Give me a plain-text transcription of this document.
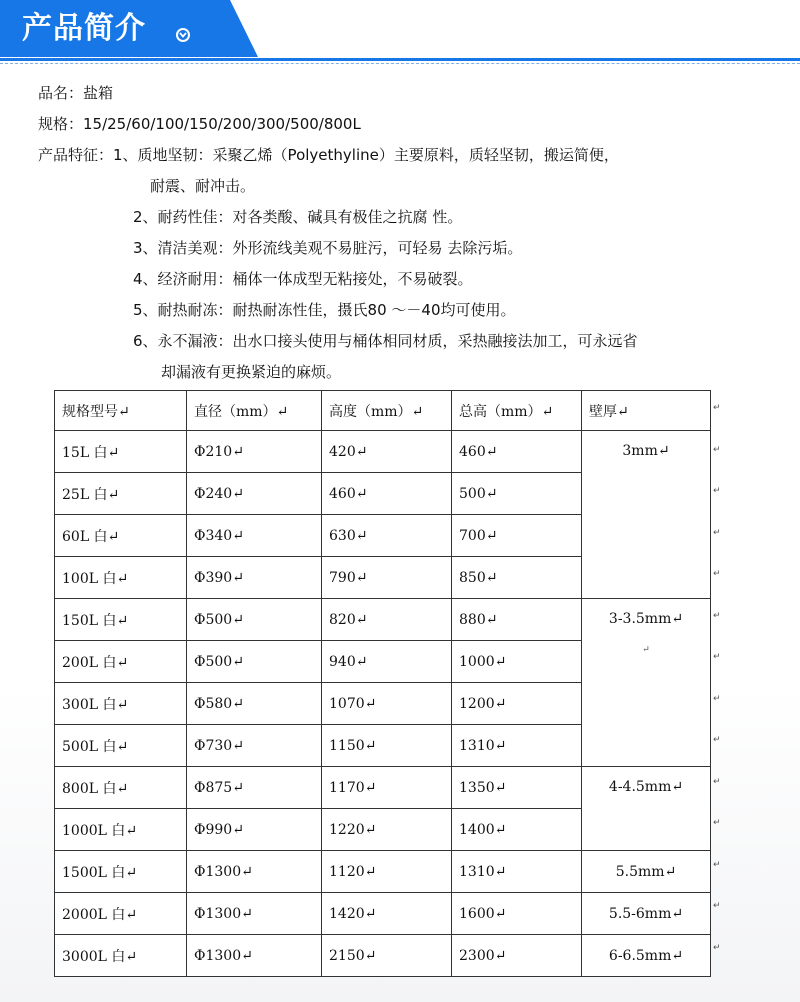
产品简介
品名：盐箱
规格：15/25/60/100/150/200/300/500/800L
产品特征：1、质地坚韧：采聚乙烯（Polyethyline）主要原料，质轻坚韧，搬运简便，
耐震、耐冲击。
2、耐药性佳：对各类酸、碱具有极佳之抗腐 性。
3、清洁美观：外形流线美观不易脏污，可轻易 去除污垢。
4、经济耐用：桶体一体成型无粘接处，不易破裂。
5、耐热耐冻：耐热耐冻性佳，摄氏80 ～－40均可使用。
6、永不漏液：出水口接头使用与桶体相同材质，采热融接法加工，可永远省
却漏液有更换紧迫的麻烦。
规格型号↵	直径（mm）↵	高度（mm）↵	总高（mm）↵	壁厚↵
15L 白↵	Φ210↵	420↵	460↵	3mm↵
25L 白↵	Φ240↵	460↵	500↵	
60L 白↵	Φ340↵	630↵	700↵	
100L 白↵	Φ390↵	790↵	850↵	
150L 白↵	Φ500↵	820↵	880↵	3-3.5mm↵
↵

200L 白↵	Φ500↵	940↵	1000↵	
300L 白↵	Φ580↵	1070↵	1200↵	
500L 白↵	Φ730↵	1150↵	1310↵	
800L 白↵	Φ875↵	1170↵	1350↵	4-4.5mm↵
1000L 白↵	Φ990↵	1220↵	1400↵	
1500L 白↵	Φ1300↵	1120↵	1310↵	5.5mm↵
2000L 白↵	Φ1300↵	1420↵	1600↵	5.5-6mm↵
3000L 白↵	Φ1300↵	2150↵	2300↵	6-6.5mm↵
↵
↵
↵
↵
↵
↵
↵
↵
↵
↵
↵
↵
↵
↵
